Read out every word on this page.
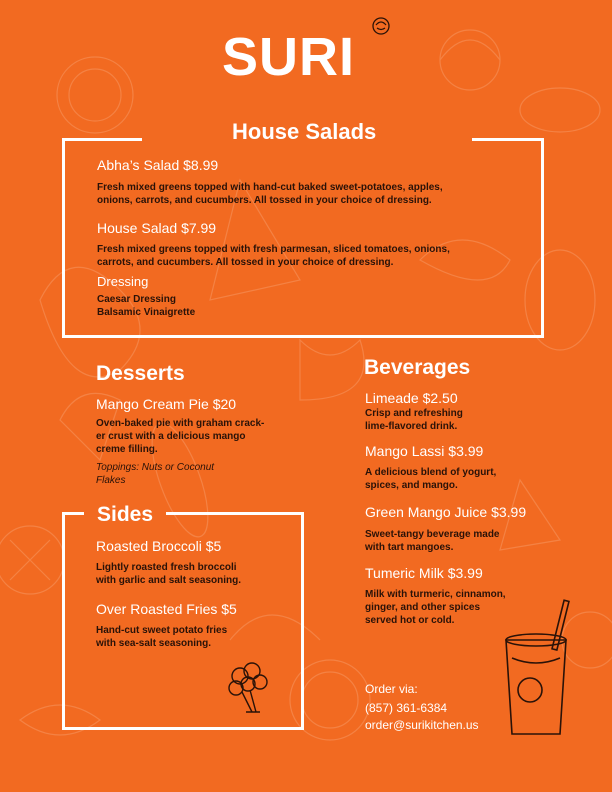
SURI
House Salads
Abha’s Salad $8.99
Fresh mixed greens topped with hand-cut baked sweet-potatoes, apples,
onions, carrots, and cucumbers. All tossed in your choice of dressing.
House Salad $7.99
Fresh mixed greens topped with fresh parmesan, sliced tomatoes, onions,
carrots, and cucumbers. All tossed in your choice of dressing.
Dressing
Caesar Dressing
Balsamic Vinaigrette
Desserts
Mango Cream Pie $20
Oven-baked pie with graham crack-
er crust with a delicious mango
creme filling.
Toppings: Nuts or Coconut
Flakes
Sides
Roasted Broccoli $5
Lightly roasted fresh broccoli
with garlic and salt seasoning.
Over Roasted Fries $5
Hand-cut sweet potato fries
with sea-salt seasoning.
Beverages
Limeade $2.50
Crisp and refreshing
lime-flavored drink.
Mango Lassi $3.99
A delicious blend of yogurt,
spices, and mango.
Green Mango Juice $3.99
Sweet-tangy beverage made
with tart mangoes.
Tumeric Milk $3.99
Milk with turmeric, cinnamon,
ginger, and other spices
served hot or cold.
Order via:
(857) 361-6384
order@surikitchen.us
